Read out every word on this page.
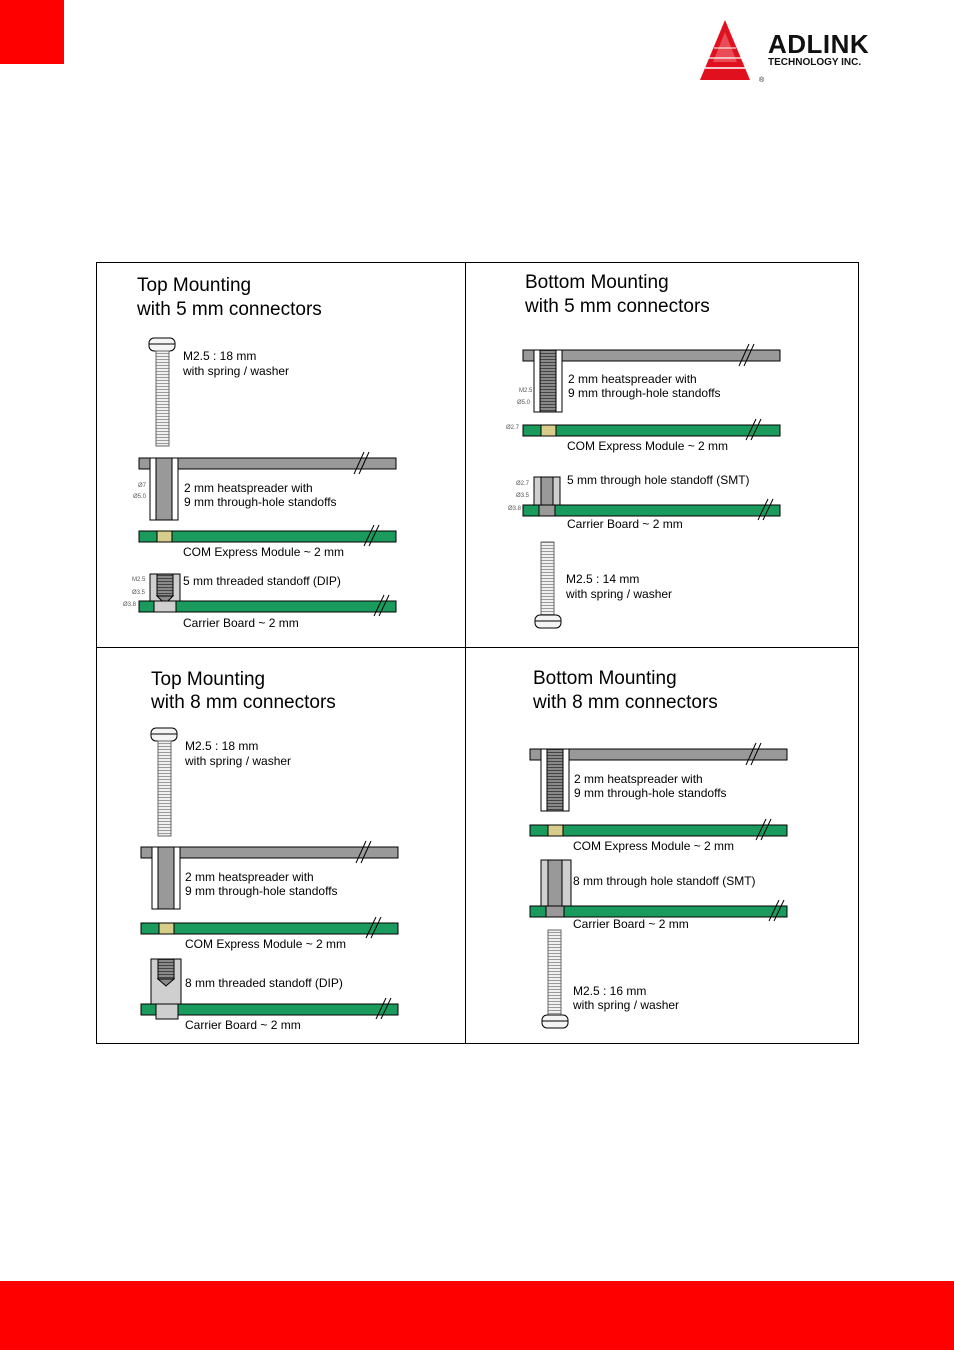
ADLINK
TECHNOLOGY INC.
®
Top Mounting
with 5 mm connectors
M2.5 : 18 mm
with spring / washer
Ø7
Ø5.0
2 mm heatspreader with
9 mm through-hole standoffs
COM Express Module ~ 2 mm
M2.5
Ø3.5
Ø3.8
5 mm threaded standoff (DIP)
Carrier Board ~ 2 mm
Bottom Mounting
with 5 mm connectors
M2.5
Ø5.0
2 mm heatspreader with
9 mm through-hole standoffs
Ø2.7
COM Express Module ~ 2 mm
Ø2.7
Ø3.5
Ø3.8
5 mm through hole standoff (SMT)
Carrier Board ~ 2 mm
M2.5 : 14 mm
with spring / washer
Top Mounting
with 8 mm connectors
M2.5 : 18 mm
with spring / washer
2 mm heatspreader with
9 mm through-hole standoffs
COM Express Module ~ 2 mm
8 mm threaded standoff (DIP)
Carrier Board ~ 2 mm
Bottom Mounting
with 8 mm connectors
2 mm heatspreader with
9 mm through-hole standoffs
COM Express Module ~ 2 mm
8 mm through hole standoff (SMT)
Carrier Board ~ 2 mm
M2.5 : 16 mm
with spring / washer
